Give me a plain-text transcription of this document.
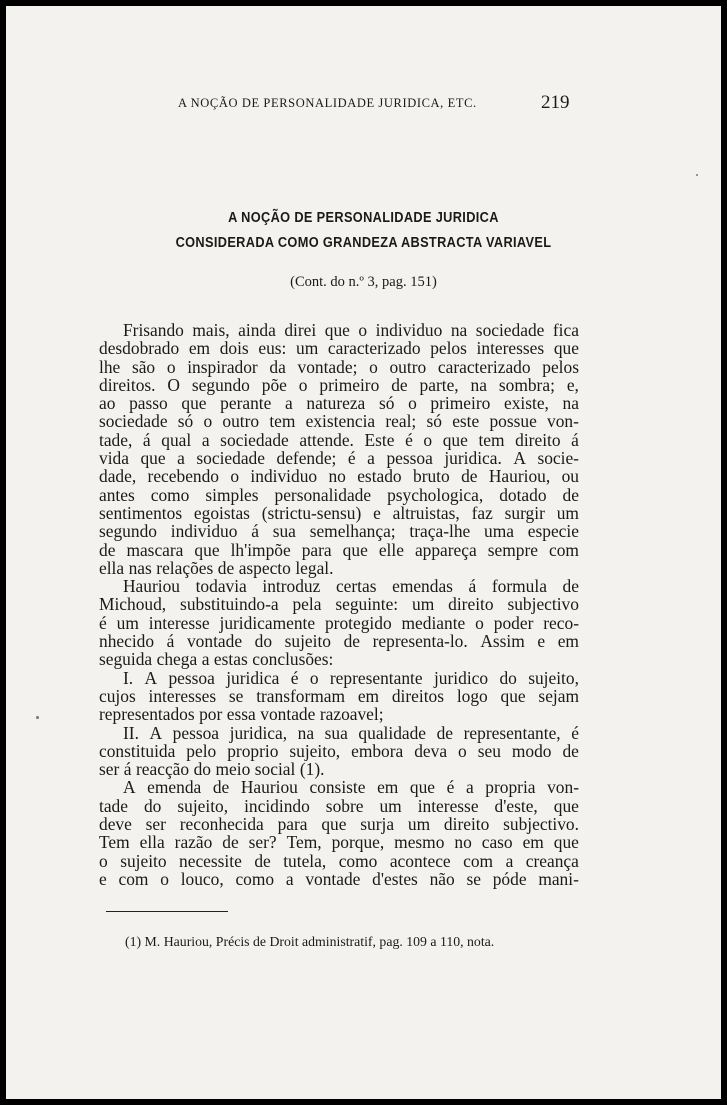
A NOÇÃO DE PERSONALIDADE JURIDICA, ETC.	219
A NOÇÃO DE PERSONALIDADE JURIDICA
CONSIDERADA COMO GRANDEZA ABSTRACTA VARIAVEL
(Cont. do n.º 3, pag. 151)
Frisando mais, ainda direi que o individuo na sociedade fica
desdobrado em dois eus: um caracterizado pelos interesses que
lhe são o inspirador da vontade; o outro caracterizado pelos
direitos. O segundo põe o primeiro de parte, na sombra; e,
ao passo que perante a natureza só o primeiro existe, na
sociedade só o outro tem existencia real; só este possue von-
tade, á qual a sociedade attende. Este é o que tem direito á
vida que a sociedade defende; é a pessoa juridica. A socie-
dade, recebendo o individuo no estado bruto de Hauriou, ou
antes como simples personalidade psychologica, dotado de
sentimentos egoistas (strictu-sensu) e altruistas, faz surgir um
segundo individuo á sua semelhança; traça-lhe uma especie
de mascara que lh'impõe para que elle appareça sempre com
ella nas relações de aspecto legal.
Hauriou todavia introduz certas emendas á formula de
Michoud, substituindo-a pela seguinte: um direito subjectivo
é um interesse juridicamente protegido mediante o poder reco-
nhecido á vontade do sujeito de representa-lo. Assim e em
seguida chega a estas conclusões:
I. A pessoa juridica é o representante juridico do sujeito,
cujos interesses se transformam em direitos logo que sejam
representados por essa vontade razoavel;
II. A pessoa juridica, na sua qualidade de representante, é
constituida pelo proprio sujeito, embora deva o seu modo de
ser á reacção do meio social (1).
A emenda de Hauriou consiste em que é a propria von-
tade do sujeito, incidindo sobre um interesse d'este, que
deve ser reconhecida para que surja um direito subjectivo.
Tem ella razão de ser? Tem, porque, mesmo no caso em que
o sujeito necessite de tutela, como acontece com a creança
e com o louco, como a vontade d'estes não se póde mani-
(1) M. Hauriou, Précis de Droit administratif, pag. 109 a 110, nota.
